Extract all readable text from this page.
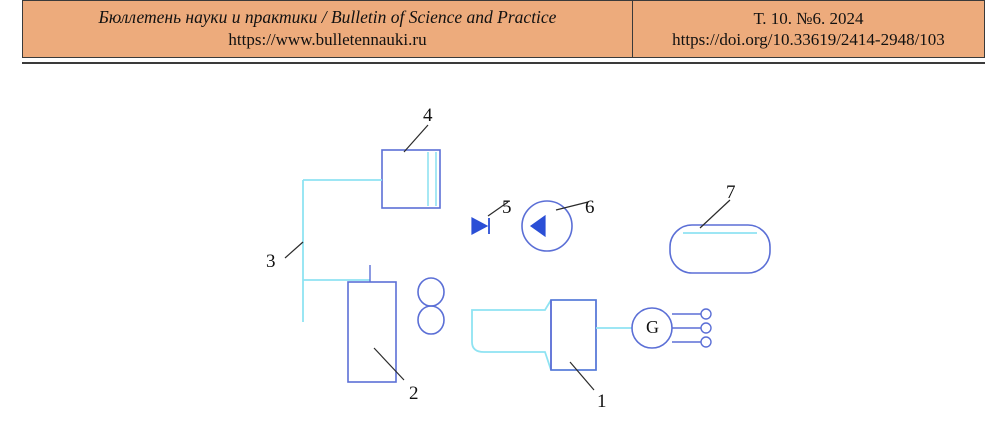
Бюллетень науки и практики / Bulletin of Science and Practice
https://www.bulletennauki.ru
Т. 10. №6. 2024
https://doi.org/10.33619/2414-2948/103
4
5	6
7
3
2	1
G
